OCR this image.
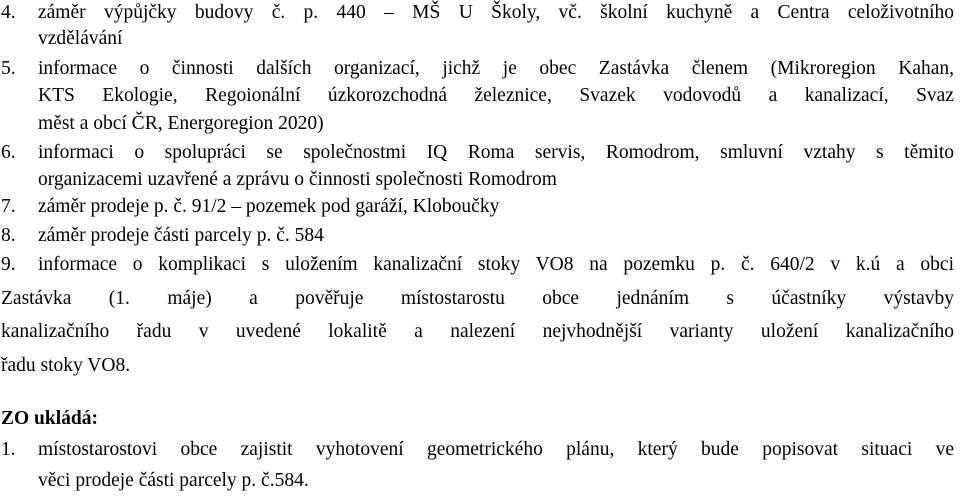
4.	záměr výpůjčky budovy č. p. 440 – MŠ U Školy, vč. školní kuchyně a Centra celoživotního
vzdělávání
5.	informace o činnosti dalších organizací, jichž je obec Zastávka členem (Mikroregion Kahan,
KTS Ekologie, Regoionální úzkorozchodná železnice, Svazek vodovodů a kanalizací, Svaz
měst a obcí ČR, Energoregion 2020)
6.	informaci o spolupráci se společnostmi IQ Roma servis, Romodrom, smluvní vztahy s těmito
organizacemi uzavřené a zprávu o činnosti společnosti Romodrom
7.	záměr prodeje p. č. 91/2 – pozemek pod garáží, Kloboučky
8.	záměr prodeje části parcely p. č. 584
9.	informace o komplikaci s uložením kanalizační stoky VO8 na pozemku p. č. 640/2 v k.ú a obci
Zastávka (1. máje) a pověřuje místostarostu obce jednáním s účastníky výstavby
kanalizačního řadu v uvedené lokalitě a nalezení nejvhodnější varianty uložení kanalizačního
řadu stoky VO8.
ZO ukládá:
1.	místostarostovi obce zajistit vyhotovení geometrického plánu, který bude popisovat situaci ve
věci prodeje části parcely p. č.584.
